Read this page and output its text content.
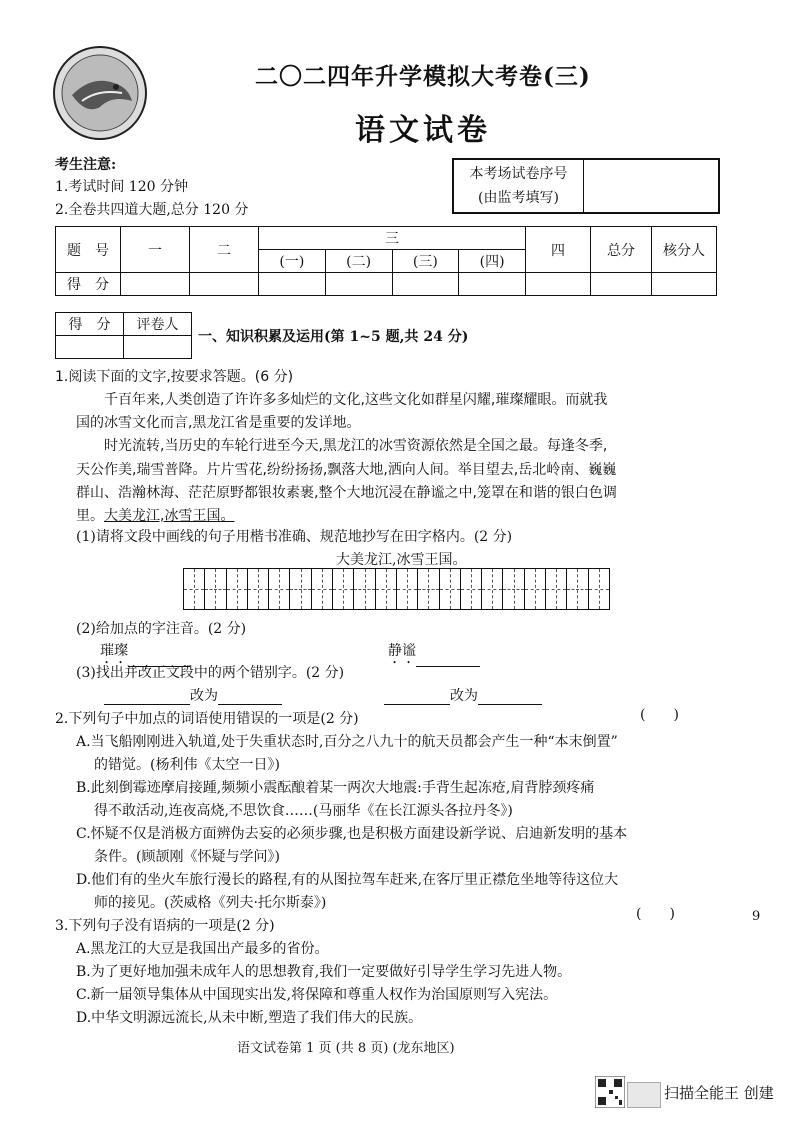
二〇二四年升学模拟大考卷(三)
语文试卷
考生注意:
1.考试时间 120 分钟
2.全卷共四道大题,总分 120 分
本考场试卷序号
(由监考填写)
题　号	一	二	三				四	总分	核分人
			(一)	(二)	(三)	(四)			
得　分									
得　分	评卷人

一、知识积累及运用(第 1~5 题,共 24 分)
1.阅读下面的文字,按要求答题。(6 分)
千百年来,人类创造了许许多多灿烂的文化,这些文化如群星闪耀,璀璨耀眼。而就我
国的冰雪文化而言,黑龙江省是重要的发详地。
时光流转,当历史的车轮行进至今天,黑龙江的冰雪资源依然是全国之最。每逢冬季,
天公作美,瑞雪普降。片片雪花,纷纷扬扬,飘落大地,洒向人间。举目望去,岳北岭南、巍巍
群山、浩瀚林海、茫茫原野都银妆素裹,整个大地沉浸在静谧之中,笼罩在和谐的银白色调
里。大美龙江,冰雪王国。
(1)请将文段中画线的句子用楷书准确、规范地抄写在田字格内。(2 分)
大美龙江,冰雪王国。
(2)给加点的字注音。(2 分)
璀璨	静谧
(3)找出并改正文段中的两个错别字。(2 分)
改为	改为
2.下列句子中加点的词语使用错误的一项是(2 分)	(　　)
A.当飞船刚刚进入轨道,处于失重状态时,百分之八九十的航天员都会产生一种“本末倒置”
的错觉。(杨利伟《太空一日》)
B.此刻倒霉迹摩肩接踵,频频小震酝酿着某一两次大地震:手背生起冻疮,肩背脖颈疼痛
得不敢活动,连夜高烧,不思饮食……(马丽华《在长江源头各拉丹冬》)
C.怀疑不仅是消极方面辨伪去妄的必须步骤,也是积极方面建设新学说、启迪新发明的基本
条件。(顾颉刚《怀疑与学问》)
D.他们有的坐火车旅行漫长的路程,有的从图拉驾车赶来,在客厅里正襟危坐地等待这位大
师的接见。(茨威格《列夫·托尔斯泰》)
3.下列句子没有语病的一项是(2 分)
(　　)	9
A.黑龙江的大豆是我国出产最多的省份。
B.为了更好地加强未成年人的思想教育,我们一定要做好引导学生学习先进人物。
C.新一届领导集体从中国现实出发,将保障和尊重人权作为治国原则写入宪法。
D.中华文明源远流长,从未中断,塑造了我们伟大的民族。
语文试卷第 1 页 (共 8 页) (龙东地区)
扫描全能王 创建
